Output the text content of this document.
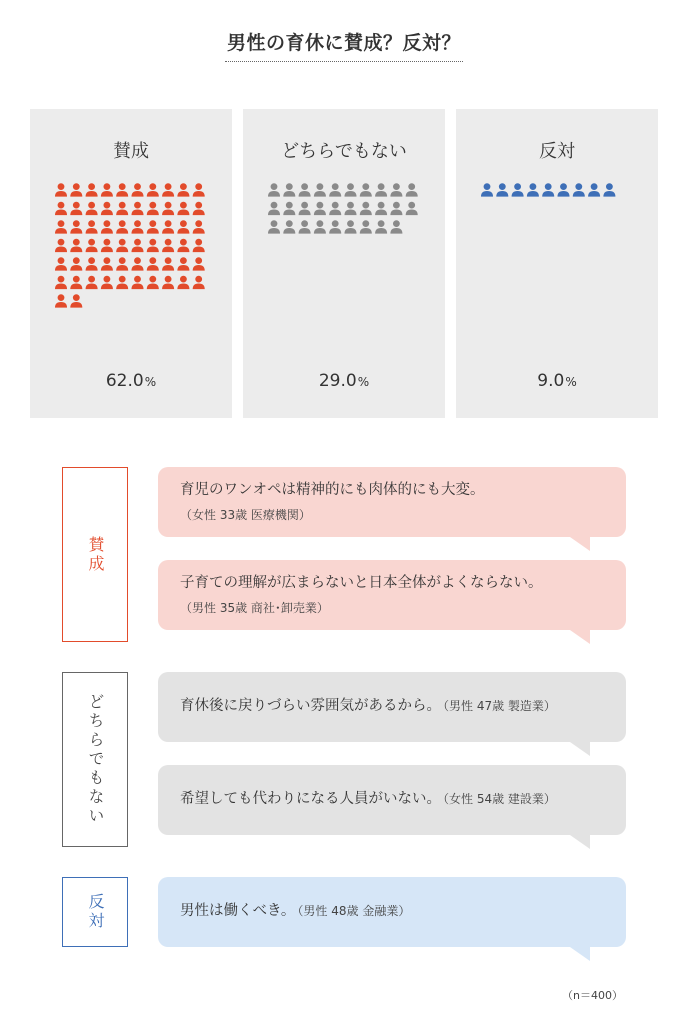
男性の育休に賛成？反対？
賛成
62.0%
どちらでもない
29.0%
反対
9.0%
賛成
育児のワンオペは精神的にも肉体的にも大変。
（女性 33歳 医療機関）
子育ての理解が広まらないと日本全体がよくならない。
（男性 35歳 商社･卸売業）
どちらでもない	育休後に戻りづらい雰囲気があるから。 （男性 47歳 製造業）
希望しても代わりになる人員がいない。 （女性 54歳 建設業）
反対	男性は働くべき。 （男性 48歳 金融業）
（n＝400）
